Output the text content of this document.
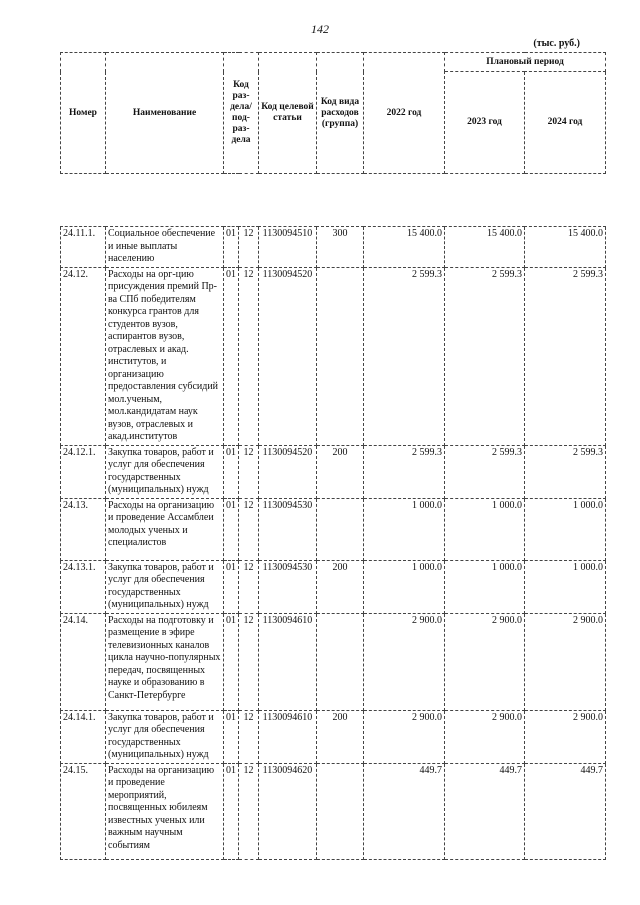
142
(тыс. руб.)
Номер	Наименование	Код раз-дела/ под-раз-дела		Код целевой статьи	Код вида расходов (группа)	2022 год	Плановый период	
							2023 год	2024 год

24.11.1.	Социальное обеспечение и иные выплаты населению	01	12	1130094510	300	15 400.0	15 400.0	15 400.0
24.12.	Расходы на орг-цию присуждения премий Пр-ва СПб победителям конкурса грантов для студентов вузов, аспирантов вузов, отраслевых и акад. институтов, и организацию предоставления субсидий мол.ученым, мол.кандидатам наук вузов, отраслевых и акад.институтов	01	12	1130094520		2 599.3	2 599.3	2 599.3
24.12.1.	Закупка товаров, работ и услуг для обеспечения государственных (муниципальных) нужд	01	12	1130094520	200	2 599.3	2 599.3	2 599.3
24.13.	Расходы на организацию и проведение Ассамблеи молодых ученых и специалистов	01	12	1130094530		1 000.0	1 000.0	1 000.0
24.13.1.	Закупка товаров, работ и услуг для обеспечения государственных (муниципальных) нужд	01	12	1130094530	200	1 000.0	1 000.0	1 000.0
24.14.	Расходы на подготовку и размещение в эфире телевизионных каналов цикла научно-популярных передач, посвященных науке и образованию в Санкт-Петербурге	01	12	1130094610		2 900.0	2 900.0	2 900.0
24.14.1.	Закупка товаров, работ и услуг для обеспечения государственных (муниципальных) нужд	01	12	1130094610	200	2 900.0	2 900.0	2 900.0
24.15.	Расходы на организацию и проведение мероприятий, посвященных юбилеям известных ученых или важным научным событиям	01	12	1130094620		449.7	449.7	449.7
